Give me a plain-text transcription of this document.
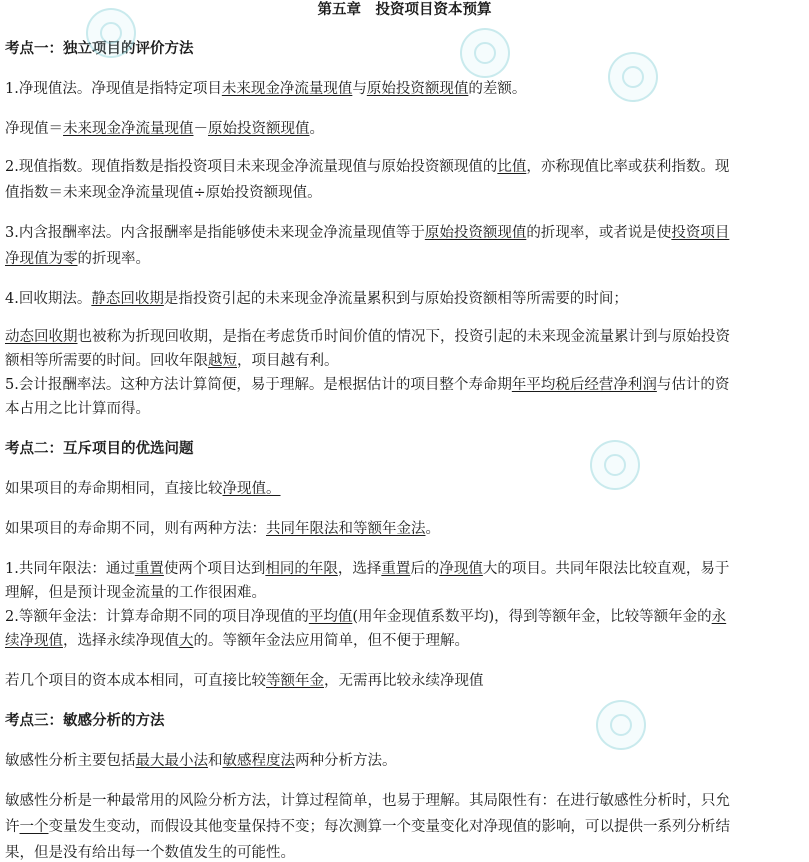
第五章　投资项目资本预算
考点一：独立项目的评价方法
1.净现值法。净现值是指特定项目未来现金净流量现值与原始投资额现值的差额。
净现值＝未来现金净流量现值－原始投资额现值。
2.现值指数。现值指数是指投资项目未来现金净流量现值与原始投资额现值的比值，亦称现值比率或获利指数。现
值指数＝未来现金净流量现值÷原始投资额现值。
3.内含报酬率法。内含报酬率是指能够使未来现金净流量现值等于原始投资额现值的折现率，或者说是使投资项目
净现值为零的折现率。
4.回收期法。静态回收期是指投资引起的未来现金净流量累积到与原始投资额相等所需要的时间；
动态回收期也被称为折现回收期，是指在考虑货币时间价值的情况下，投资引起的未来现金流量累计到与原始投资
额相等所需要的时间。回收年限越短，项目越有利。
5.会计报酬率法。这种方法计算简便，易于理解。是根据估计的项目整个寿命期年平均税后经营净利润与估计的资
本占用之比计算而得。
考点二：互斥项目的优选问题
如果项目的寿命期相同，直接比较净现值。
如果项目的寿命期不同，则有两种方法：共同年限法和等额年金法。
1.共同年限法：通过重置使两个项目达到相同的年限，选择重置后的净现值大的项目。共同年限法比较直观，易于
理解，但是预计现金流量的工作很困难。
2.等额年金法：计算寿命期不同的项目净现值的平均值(用年金现值系数平均)，得到等额年金，比较等额年金的永
续净现值，选择永续净现值大的。等额年金法应用简单，但不便于理解。
若几个项目的资本成本相同，可直接比较等额年金，无需再比较永续净现值
考点三：敏感分析的方法
敏感性分析主要包括最大最小法和敏感程度法两种分析方法。
敏感性分析是一种最常用的风险分析方法，计算过程简单，也易于理解。其局限性有：在进行敏感性分析时，只允
许一个变量发生变动，而假设其他变量保持不变；每次测算一个变量变化对净现值的影响，可以提供一系列分析结
果，但是没有给出每一个数值发生的可能性。
